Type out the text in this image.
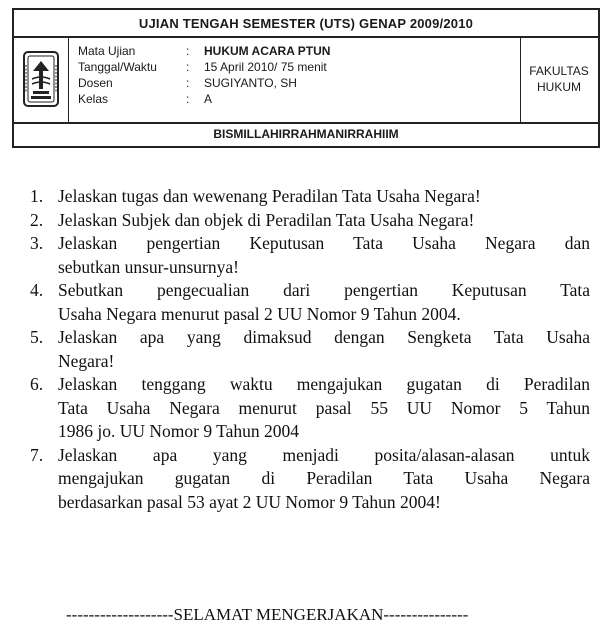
UJIAN TENGAH SEMESTER (UTS) GENAP 2009/2010
Mata Ujian	: HUKUM ACARA PTUN
Tanggal/Waktu : 15 April 2010/ 75 menit
Dosen	: SUGIYANTO, SH
Kelas	: A
FAKULTAS
HUKUM
BISMILLAHIRRAHMANIRRAHIIM
1. Jelaskan tugas dan wewenang Peradilan Tata Usaha Negara!
2. Jelaskan Subjek dan objek di Peradilan Tata Usaha Negara!
3. Jelaskan pengertian Keputusan Tata Usaha Negara dan
sebutkan unsur-unsurnya!
4. Sebutkan pengecualian dari pengertian Keputusan Tata
Usaha Negara menurut pasal 2 UU Nomor 9 Tahun 2004.
5. Jelaskan apa yang dimaksud dengan Sengketa Tata Usaha
Negara!
6. Jelaskan tenggang waktu mengajukan gugatan di Peradilan
Tata Usaha Negara menurut pasal 55 UU Nomor 5 Tahun
1986 jo. UU Nomor 9 Tahun 2004
7. Jelaskan apa yang menjadi posita/alasan-alasan untuk
mengajukan gugatan di Peradilan Tata Usaha Negara
berdasarkan pasal 53 ayat 2 UU Nomor 9 Tahun 2004!
-------------------SELAMAT MENGERJAKAN---------------
